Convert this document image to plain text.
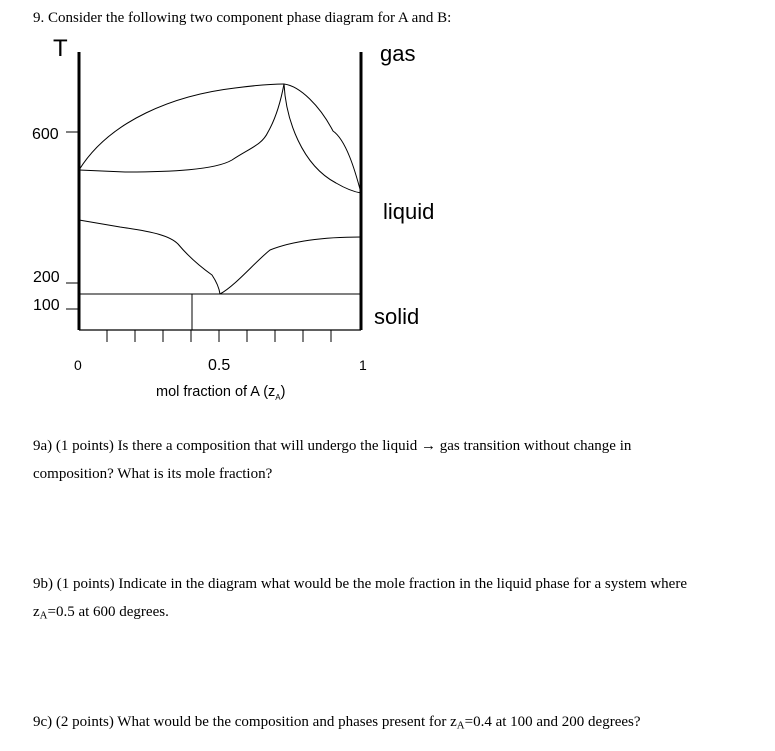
9. Consider the following two component phase diagram for A and B:
T
600
200
100
0	0.5	1
mol fraction of A $(z_A)$
gas
liquid
solid
9a) (1 points) Is there a composition that will undergo the liquid → gas transition without change in
composition? What is its mole fraction?
9b) (1 points) Indicate in the diagram what would be the mole fraction in the liquid phase for a system where
$z_A=0.5$ at 600 degrees.
9c) (2 points) What would be the composition and phases present for $z_A=0.4$ at 100 and 200 degrees?
